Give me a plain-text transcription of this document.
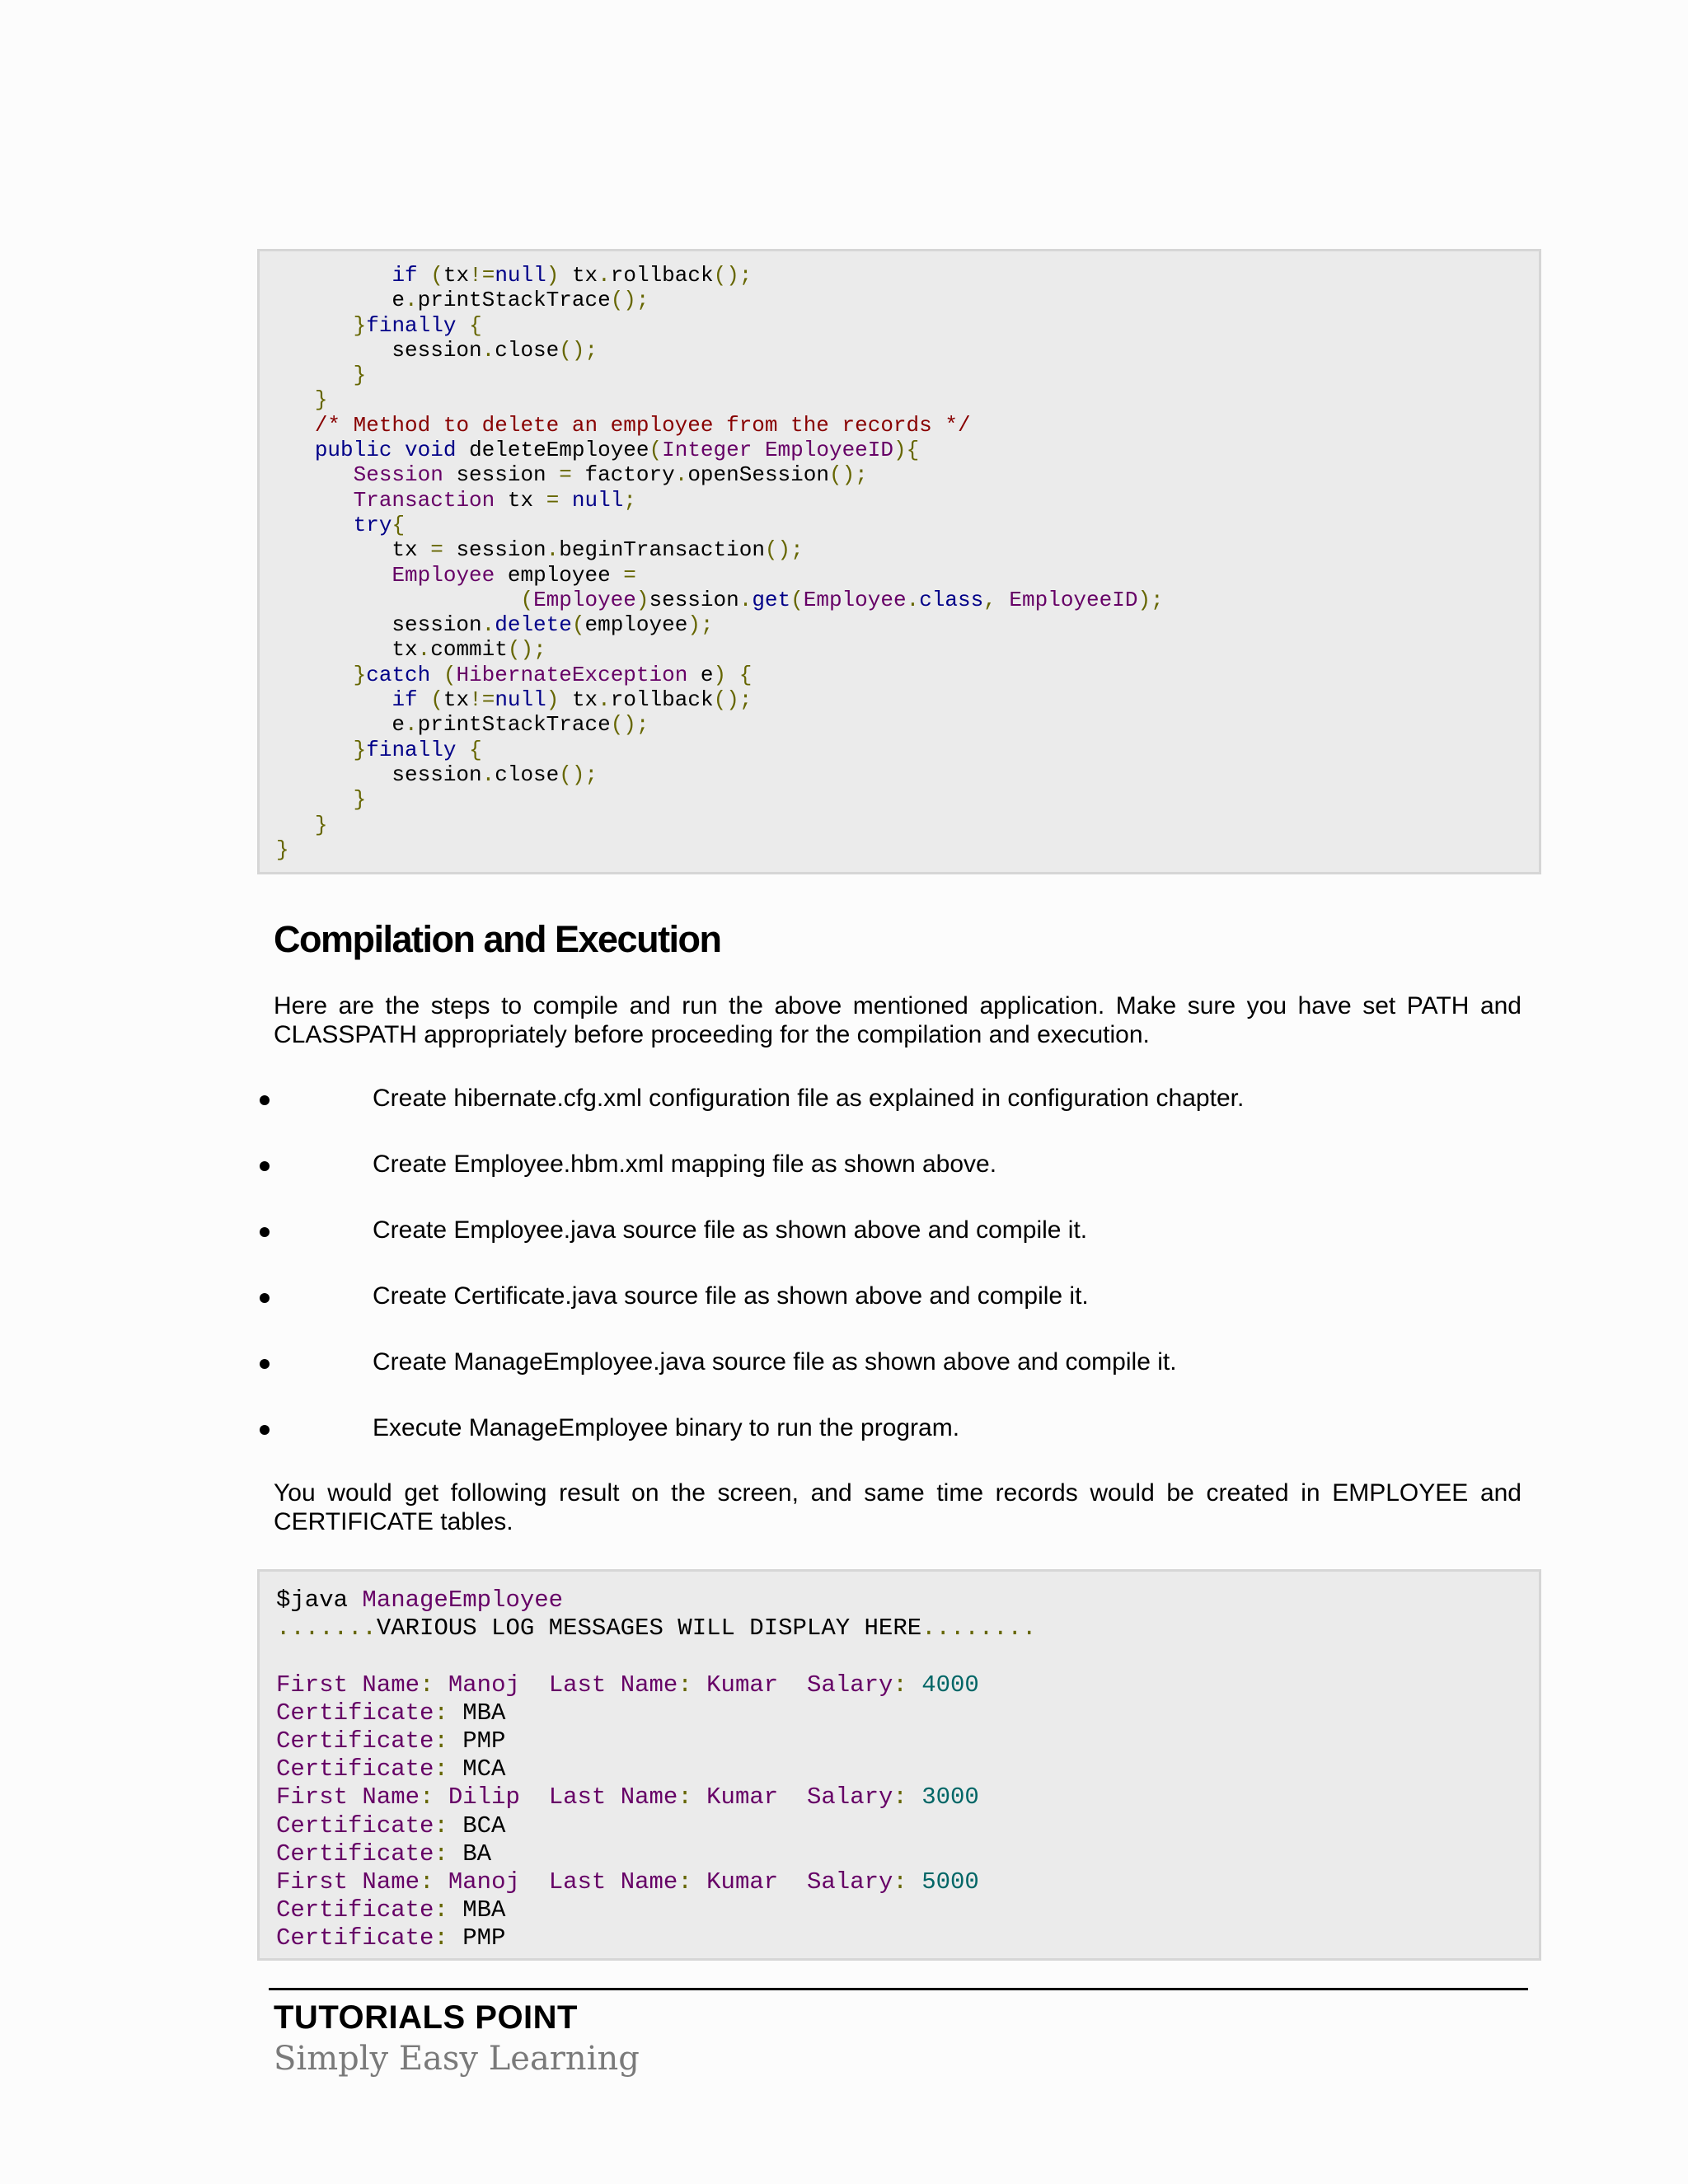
if (tx!=null) tx.rollback();
e.printStackTrace();
}finally {
session.close();
}
}
/* Method to delete an employee from the records */
public void deleteEmployee(Integer EmployeeID){
Session session = factory.openSession();
Transaction tx = null;
try{
tx = session.beginTransaction();
Employee employee =
(Employee)session.get(Employee.class, EmployeeID);
session.delete(employee);
tx.commit();
}catch (HibernateException e) {
if (tx!=null) tx.rollback();
e.printStackTrace();
}finally {
session.close();
}
}
}
Compilation and Execution

Here are the steps to compile and run the above mentioned application. Make sure you have set PATH and CLASSPATH appropriately before proceeding for the compilation and execution.

Create hibernate.cfg.xml configuration file as explained in configuration chapter.
Create Employee.hbm.xml mapping file as shown above.
Create Employee.java source file as shown above and compile it.
Create Certificate.java source file as shown above and compile it.
Create ManageEmployee.java source file as shown above and compile it.
Execute ManageEmployee binary to run the program.

You would get following result on the screen, and same time records would be created in EMPLOYEE and CERTIFICATE tables.

$java ManageEmployee
.......VARIOUS LOG MESSAGES WILL DISPLAY HERE........

First Name: Manoj Last Name: Kumar Salary: 4000
Certificate: MBA
Certificate: PMP
Certificate: MCA
First Name: Dilip Last Name: Kumar Salary: 3000
Certificate: BCA
Certificate: BA
First Name: Manoj Last Name: Kumar Salary: 5000
Certificate: MBA
Certificate: PMP
TUTORIALS POINT
Simply Easy Learning
